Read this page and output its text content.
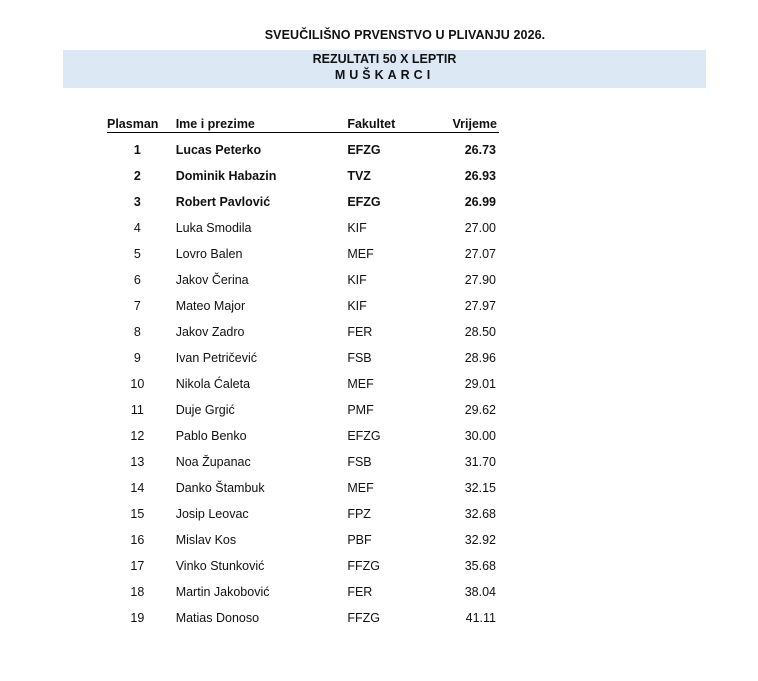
SVEUČILIŠNO PRVENSTVO U PLIVANJU 2026.
REZULTATI 50 X LEPTIR
MUŠKARCI
Plasman	Ime i prezime	Fakultet	Vrijeme
1	Lucas Peterko	EFZG	26.73
2	Dominik Habazin	TVZ	26.93
3	Robert Pavlović	EFZG	26.99
4	Luka Smodila	KIF	27.00
5	Lovro Balen	MEF	27.07
6	Jakov Čerina	KIF	27.90
7	Mateo Major	KIF	27.97
8	Jakov Zadro	FER	28.50
9	Ivan Petričević	FSB	28.96
10	Nikola Ćaleta	MEF	29.01
11	Duje Grgić	PMF	29.62
12	Pablo Benko	EFZG	30.00
13	Noa Županac	FSB	31.70
14	Danko Štambuk	MEF	32.15
15	Josip Leovac	FPZ	32.68
16	Mislav Kos	PBF	32.92
17	Vinko Stunković	FFZG	35.68
18	Martin Jakobović	FER	38.04
19	Matias Donoso	FFZG	41.11
